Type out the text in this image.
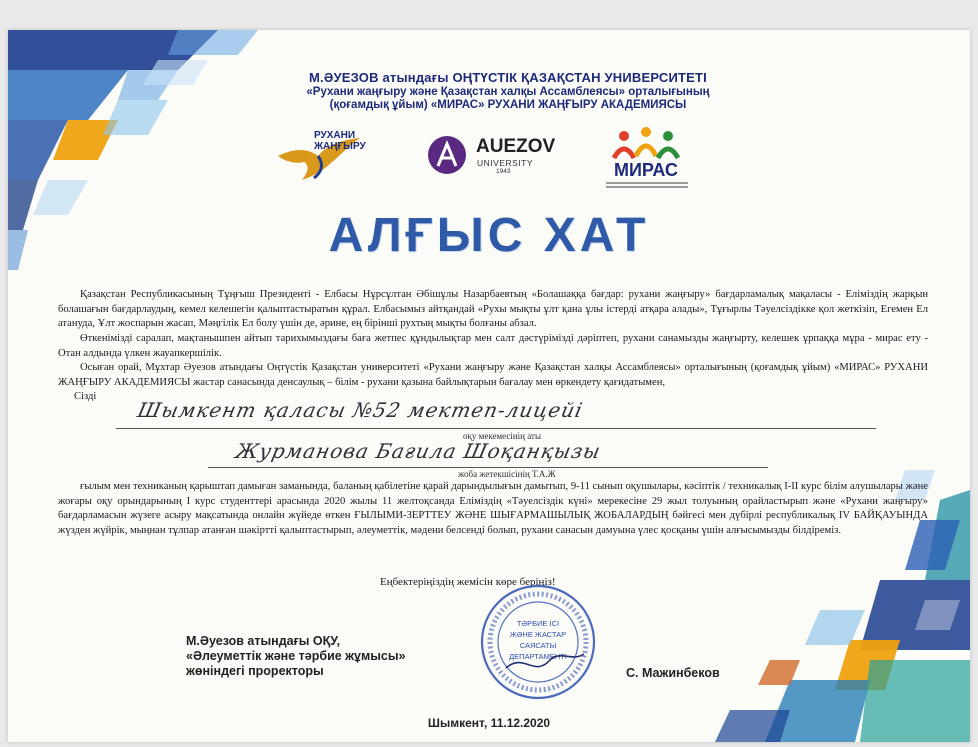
М.ӘУЕЗОВ атындағы ОҢТҮСТІК ҚАЗАҚСТАН УНИВЕРСИТЕТІ
«Рухани жаңғыру және Қазақстан халқы Ассамблеясы» орталығының
(қоғамдық ұйым) «МИРАС» РУХАНИ ЖАҢҒЫРУ АКАДЕМИЯСЫ
РУХАНИ ЖАҢҒЫРУ	AUEZOV
UNIVERSITY
1943	МИРАС
АЛҒЫС ХАТ
Қазақстан Республикасының Тұңғыш Президенті - Елбасы Нұрсұлтан Әбішұлы Назарбаевтың «Болашаққа бағдар: рухани жаңғыру» бағдарламалық мақаласы - Еліміздің жарқын болашағын бағдарлаудың, кемел келешегін қалыптастыратын құрал. Елбасымыз айтқандай «Рухы мықты ұлт қана ұлы істерді атқара алады», Тұғырлы Тәуелсіздікке қол жеткізіп, Егемен Ел атануда, Ұлт жоспарын жасап, Мәңгілік Ел болу үшін де, әрине, ең бірінші рухтың мықты болғаны абзал.
Өткенімізді саралап, мақтанышпен айтып тарихымыздағы баға жетпес құндылықтар мен салт дәстүрімізді дәріптеп, рухани санамызды жаңғырту, келешек ұрпаққа мұра - мирас ету - Отан алдында үлкен жауапкершілік.
Осыған орай, Мұхтар Әуезов атындағы Оңтүстік Қазақстан университеті «Рухани жаңғыру және Қазақстан халқы Ассамблеясы» орталығының (қоғамдық ұйым) «МИРАС» РУХАНИ ЖАҢҒЫРУ АКАДЕМИЯСЫ жастар санасында денсаулық – білім - рухани қазына байлықтарын бағалау мен өркендету қағидатымен,
Сізді
Шымкент қаласы №52 мектеп-лицейі
оқу мекемесінің аты
Журманова Бағила Шоқанқызы
жоба жетекшісінің Т.А.Ж
ғылым мен техниканың қарыштап дамыған заманында, баланың қабілетіне қарай дарындылығын дамытып, 9-11 сынып оқушылары, кәсіптік / техникалық І-ІІ курс білім алушылары және жоғары оқу орындарының І курс студенттері арасында 2020 жылы 11 желтоқсанда Еліміздің «Тәуелсіздік күні» мерекесіне 29 жыл толуының орайластырып және «Рухани жаңғыру» бағдарламасын жүзеге асыру мақсатында онлайн жүйеде өткен ҒЫЛЫМИ-ЗЕРТТЕУ ЖӘНЕ ШЫҒАРМАШЫЛЫҚ ЖОБАЛАРДЫҢ бәйгесі мен дүбірлі республикалық IV БАЙҚАУЫНДА жүзден жүйрік, мыңнан тұлпар атанған шәкіртті қалыптастырып, әлеуметтік, мәдени белсенді болып, рухани санасын дамуына үлес қосқаны үшін алғысымызды білдіреміз.
Еңбектеріңіздің жемісін көре беріңіз!
М.Әуезов атындағы ОҚУ,
«Әлеуметтік және тәрбие жұмысы»
жөніндегі проректоры
ТӘРБИЕ ІСІ
ЖӘНЕ ЖАСТАР
САЯСАТЫ
ДЕПАРТАМЕНТІ
С. Мажинбеков
Шымкент, 11.12.2020
